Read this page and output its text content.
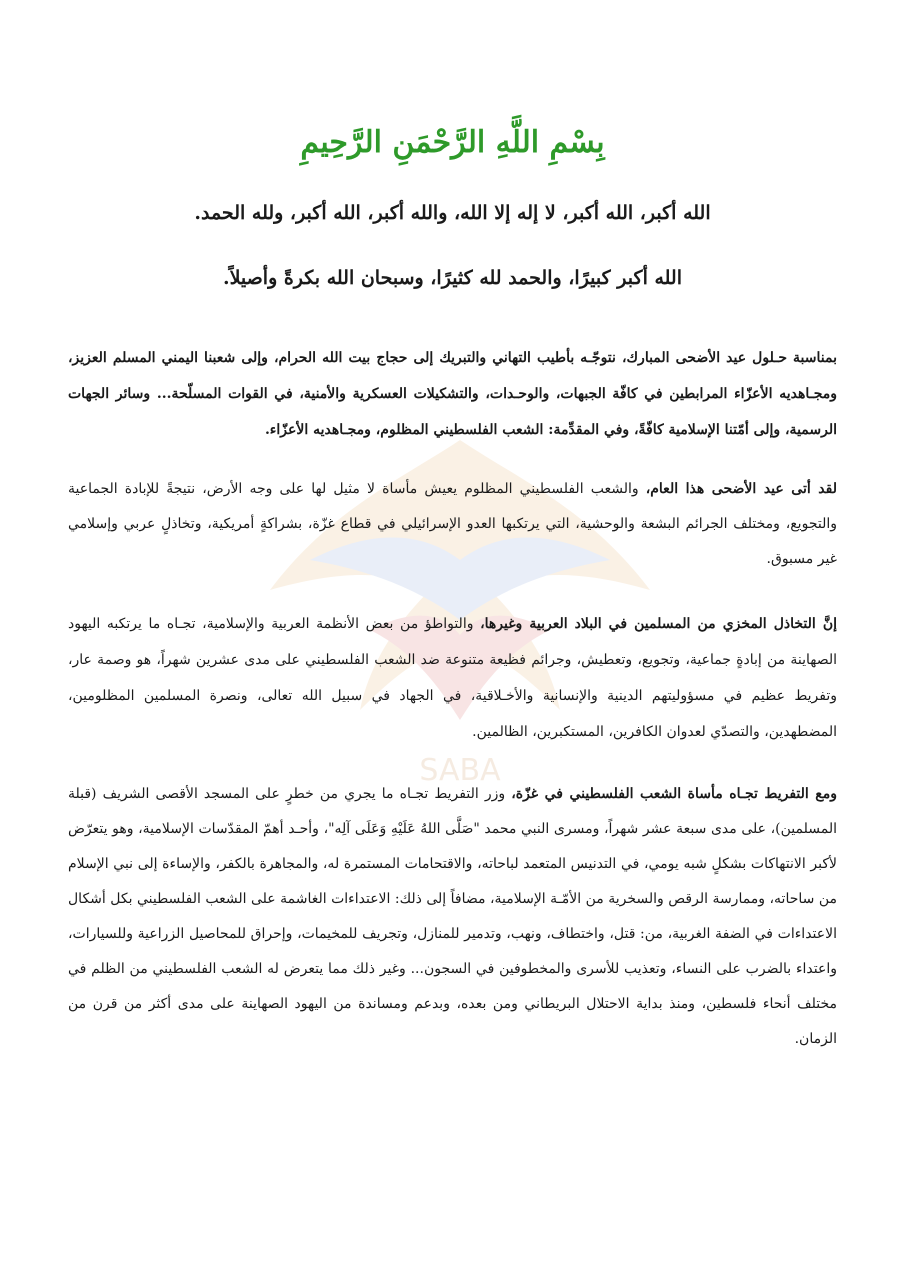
SABA
بِسْمِ اللَّهِ الرَّحْمَنِ الرَّحِيمِ
الله أكبر، الله أكبر، لا إله إلا الله، والله أكبر، الله أكبر، ولله الحمد.
الله أكبر كبيرًا، والحمد لله كثيرًا، وسبحان الله بكرةً وأصيلاً.

بمناسبة حـلول عيد الأضحى المبارك، نتوجّـه بأطيب التهاني والتبريك إلى حجاج بيت الله الحرام، وإلى شعبنا اليمني المسلم العزيز، ومجـاهديه الأعزّاء المرابطين في كافّة الجبهات، والوحـدات، والتشكيلات العسكرية والأمنية، في القوات المسلّحة... وسائر الجهات الرسمية، وإلى أمّتنا الإسلامية كافّةً، وفي المقدِّمة: الشعب الفلسطيني المظلوم، ومجـاهديه الأعزّاء.

لقد أتى عيد الأضحى هذا العام، والشعب الفلسطيني المظلوم يعيش مأساة لا مثيل لها على وجه الأرض، نتيجةً للإبادة الجماعية والتجويع، ومختلف الجرائم البشعة والوحشية، التي يرتكبها العدو الإسرائيلي في قطاع غزّة، بشراكةٍ أمريكية، وتخاذلٍ عربي وإسلامي غير مسبوق.

إنَّ التخاذل المخزي من المسلمين في البلاد العربية وغيرها، والتواطؤ من بعض الأنظمة العربية والإسلامية، تجـاه ما يرتكبه اليهود الصهاينة من إبادةٍ جماعية، وتجويع، وتعطيش، وجرائم فظيعة متنوعة ضد الشعب الفلسطيني على مدى عشرين شهراً، هو وصمة عار، وتفريط عظيم في مسؤوليتهم الدينية والإنسانية والأخـلاقية، في الجهاد في سبيل الله تعالى، ونصرة المسلمين المظلومين، المضطهدين، والتصدّي لعدوان الكافرين، المستكبرين، الظالمين.

ومع التفريط تجـاه مأساة الشعب الفلسطيني في غزّة، وزر التفريط تجـاه ما يجري من خطرٍ على المسجد الأقصى الشريف (قبلة المسلمين)، على مدى سبعة عشر شهراً، ومسرى النبي محمد "صَلَّى اللهُ عَلَيْهِ وَعَلَى آلِه"، وأحـد أهمّ المقدّسات الإسلامية، وهو يتعرّض لأكبر الانتهاكات بشكلٍ شبه يومي، في التدنيس المتعمد لباحاته، والاقتحامات المستمرة له، والمجاهرة بالكفر، والإساءة إلى نبي الإسلام من ساحاته، وممارسة الرقص والسخرية من الأمّـة الإسلامية، مضافاً إلى ذلك: الاعتداءات الغاشمة على الشعب الفلسطيني بكل أشكال الاعتداءات في الضفة الغربية، من: قتل، واختطاف، ونهب، وتدمير للمنازل، وتجريف للمخيمات، وإحراق للمحاصيل الزراعية وللسيارات، واعتداء بالضرب على النساء، وتعذيب للأسرى والمخطوفين في السجون... وغير ذلك مما يتعرض له الشعب الفلسطيني من الظلم في مختلف أنحاء فلسطين، ومنذ بداية الاحتلال البريطاني ومن بعده، وبدعم ومساندة من اليهود الصهاينة على مدى أكثر من قرن من الزمان.
